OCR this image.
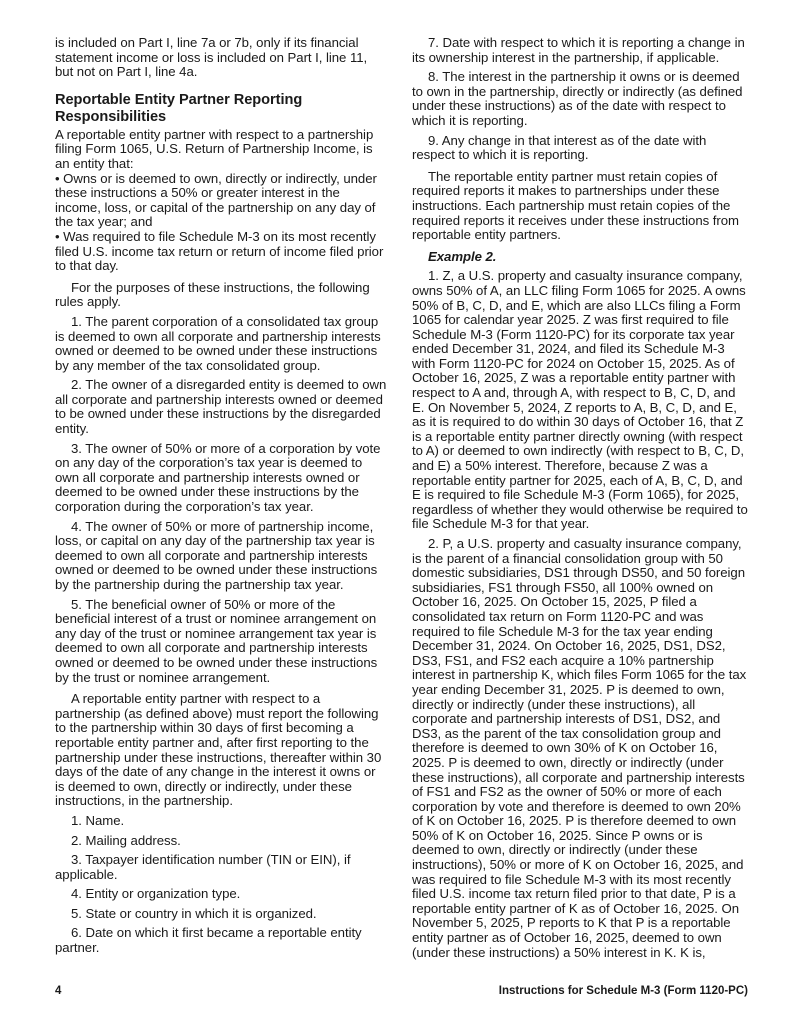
is included on Part I, line 7a or 7b, only if its financial statement income or loss is included on Part I, line 11, but not on Part I, line 4a.

Reportable Entity Partner Reporting Responsibilities

A reportable entity partner with respect to a partnership filing Form 1065, U.S. Return of Partnership Income, is an entity that:

• Owns or is deemed to own, directly or indirectly, under these instructions a 50% or greater interest in the income, loss, or capital of the partnership on any day of the tax year; and

• Was required to file Schedule M-3 on its most recently filed U.S. income tax return or return of income filed prior to that day.

For the purposes of these instructions, the following rules apply.

1. The parent corporation of a consolidated tax group is deemed to own all corporate and partnership interests owned or deemed to be owned under these instructions by any member of the tax consolidated group.

2. The owner of a disregarded entity is deemed to own all corporate and partnership interests owned or deemed to be owned under these instructions by the disregarded entity.

3. The owner of 50% or more of a corporation by vote on any day of the corporation’s tax year is deemed to own all corporate and partnership interests owned or deemed to be owned under these instructions by the corporation during the corporation’s tax year.

4. The owner of 50% or more of partnership income, loss, or capital on any day of the partnership tax year is deemed to own all corporate and partnership interests owned or deemed to be owned under these instructions by the partnership during the partnership tax year.

5. The beneficial owner of 50% or more of the beneficial interest of a trust or nominee arrangement on any day of the trust or nominee arrangement tax year is deemed to own all corporate and partnership interests owned or deemed to be owned under these instructions by the trust or nominee arrangement.

A reportable entity partner with respect to a partnership (as defined above) must report the following to the partnership within 30 days of first becoming a reportable entity partner and, after first reporting to the partnership under these instructions, thereafter within 30 days of the date of any change in the interest it owns or is deemed to own, directly or indirectly, under these instructions, in the partnership.

1. Name.

2. Mailing address.

3. Taxpayer identification number (TIN or EIN), if applicable.

4. Entity or organization type.

5. State or country in which it is organized.

6. Date on which it first became a reportable entity partner.

7. Date with respect to which it is reporting a change in its ownership interest in the partnership, if applicable.

8. The interest in the partnership it owns or is deemed to own in the partnership, directly or indirectly (as defined under these instructions) as of the date with respect to which it is reporting.

9. Any change in that interest as of the date with respect to which it is reporting.

The reportable entity partner must retain copies of required reports it makes to partnerships under these instructions. Each partnership must retain copies of the required reports it receives under these instructions from reportable entity partners.

Example 2.

1. Z, a U.S. property and casualty insurance company, owns 50% of A, an LLC filing Form 1065 for 2025. A owns 50% of B, C, D, and E, which are also LLCs filing a Form 1065 for calendar year 2025. Z was first required to file Schedule M-3 (Form 1120-PC) for its corporate tax year ended December 31, 2024, and filed its Schedule M-3 with Form 1120-PC for 2024 on October 15, 2025. As of October 16, 2025, Z was a reportable entity partner with respect to A and, through A, with respect to B, C, D, and E. On November 5, 2024, Z reports to A, B, C, D, and E, as it is required to do within 30 days of October 16, that Z is a reportable entity partner directly owning (with respect to A) or deemed to own indirectly (with respect to B, C, D, and E) a 50% interest. Therefore, because Z was a reportable entity partner for 2025, each of A, B, C, D, and E is required to file Schedule M-3 (Form 1065), for 2025, regardless of whether they would otherwise be required to file Schedule M-3 for that year.

2. P, a U.S. property and casualty insurance company, is the parent of a financial consolidation group with 50 domestic subsidiaries, DS1 through DS50, and 50 foreign subsidiaries, FS1 through FS50, all 100% owned on October 16, 2025. On October 15, 2025, P filed a consolidated tax return on Form 1120-PC and was required to file Schedule M-3 for the tax year ending December 31, 2024. On October 16, 2025, DS1, DS2, DS3, FS1, and FS2 each acquire a 10% partnership interest in partnership K, which files Form 1065 for the tax year ending December 31, 2025. P is deemed to own, directly or indirectly (under these instructions), all corporate and partnership interests of DS1, DS2, and DS3, as the parent of the tax consolidation group and therefore is deemed to own 30% of K on October 16, 2025. P is deemed to own, directly or indirectly (under these instructions), all corporate and partnership interests of FS1 and FS2 as the owner of 50% or more of each corporation by vote and therefore is deemed to own 20% of K on October 16, 2025. P is therefore deemed to own 50% of K on October 16, 2025. Since P owns or is deemed to own, directly or indirectly (under these instructions), 50% or more of K on October 16, 2025, and was required to file Schedule M-3 with its most recently filed U.S. income tax return filed prior to that date, P is a reportable entity partner of K as of October 16, 2025. On November 5, 2025, P reports to K that P is a reportable entity partner as of October 16, 2025, deemed to own (under these instructions) a 50% interest in K. K is,

4	Instructions for Schedule M-3 (Form 1120-PC)
